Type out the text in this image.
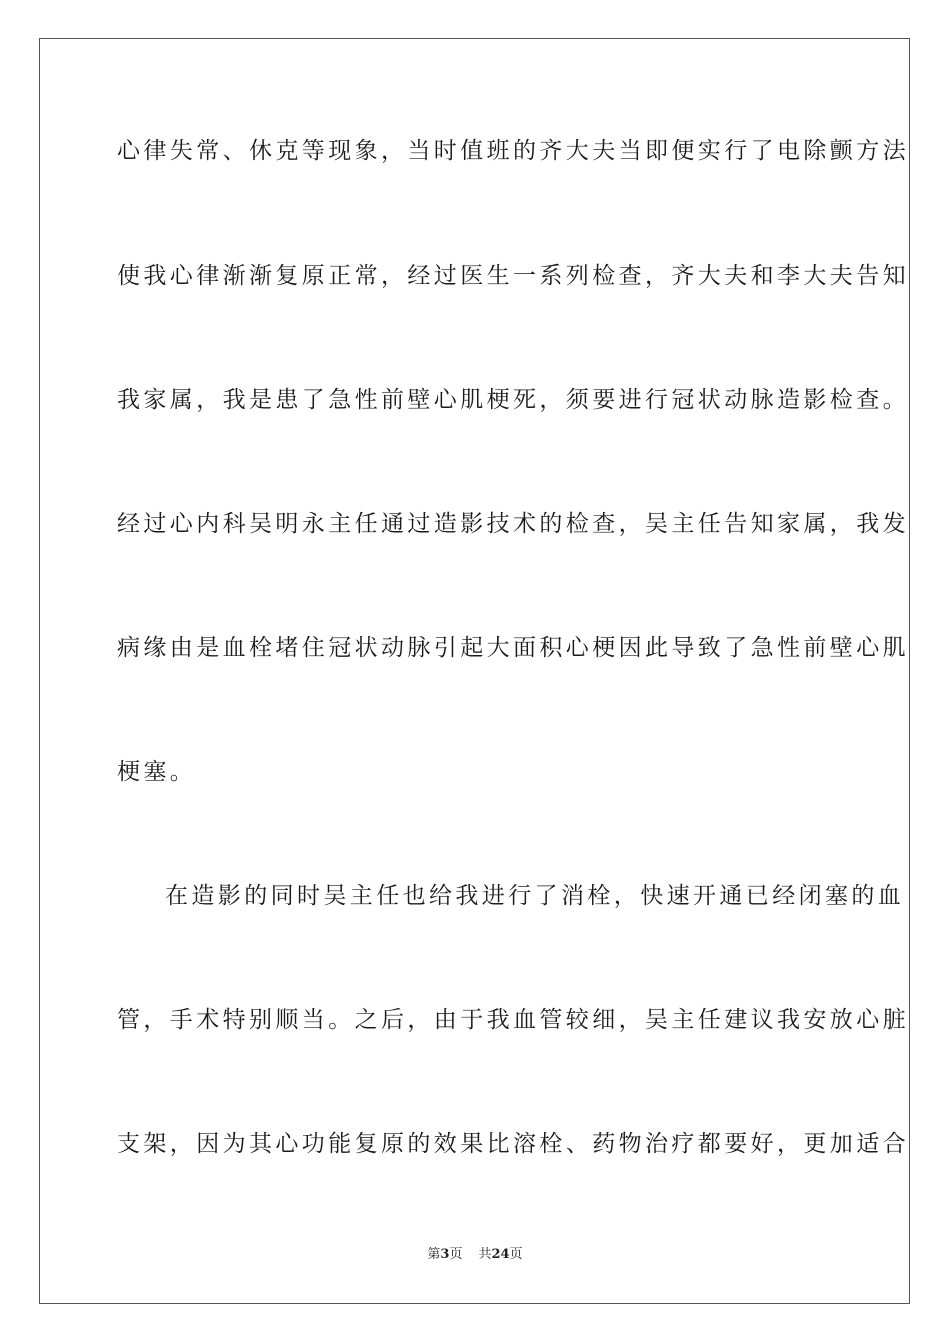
心律失常、休克等现象，当时值班的齐大夫当即便实行了电除颤方法
使我心律渐渐复原正常，经过医生一系列检查，齐大夫和李大夫告知
我家属，我是患了急性前壁心肌梗死，须要进行冠状动脉造影检查。
经过心内科吴明永主任通过造影技术的检查，吴主任告知家属，我发
病缘由是血栓堵住冠状动脉引起大面积心梗因此导致了急性前壁心肌
梗塞。
在造影的同时吴主任也给我进行了消栓，快速开通已经闭塞的血
管，手术特别顺当。之后，由于我血管较细，吴主任建议我安放心脏
支架，因为其心功能复原的效果比溶栓、药物治疗都要好，更加适合
第3页 共24页
